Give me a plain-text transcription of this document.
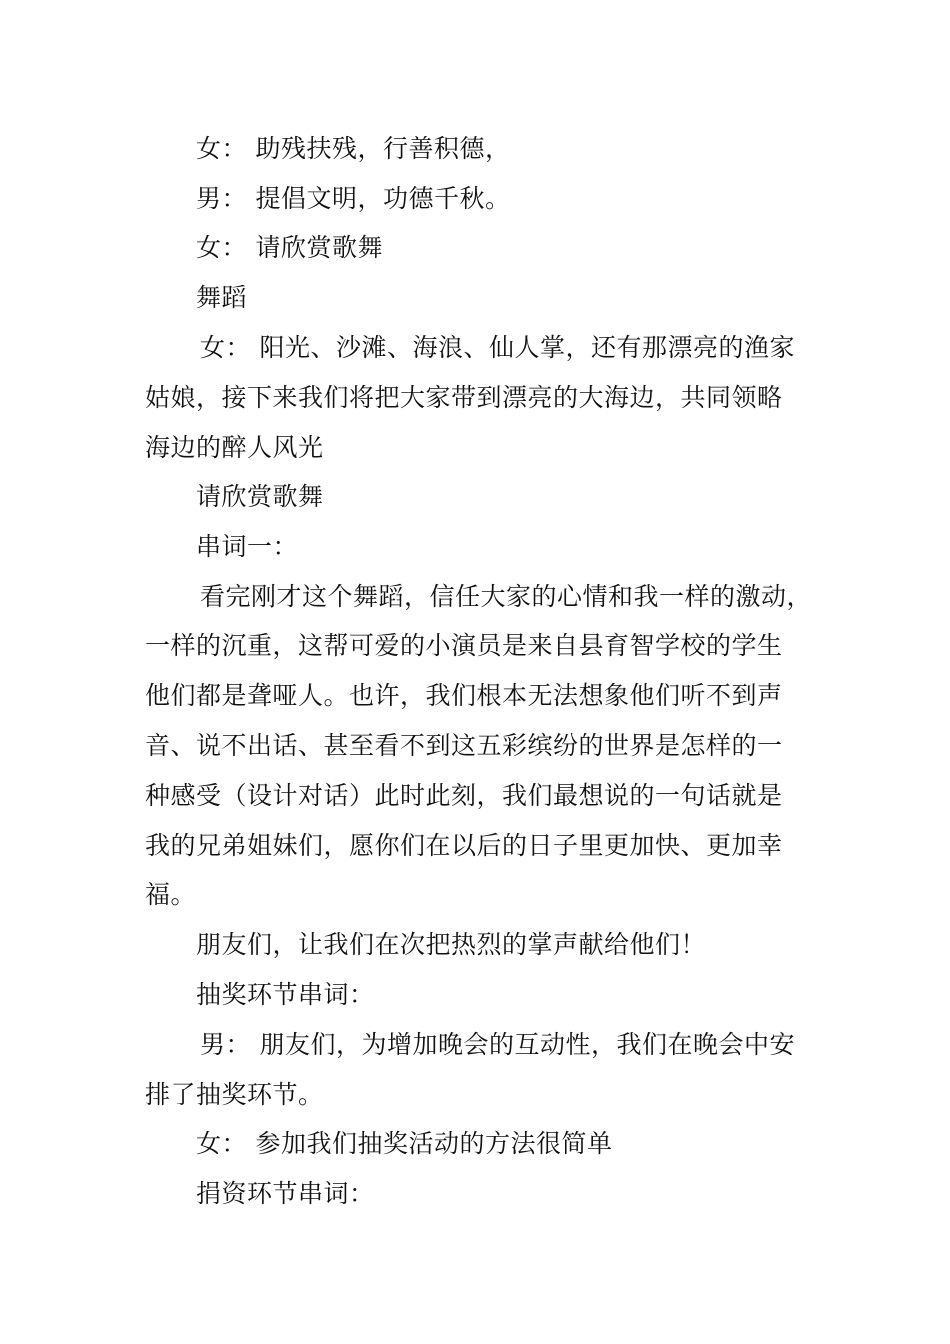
女： 助残扶残，行善积德，
男： 提倡文明，功德千秋。
女： 请欣赏歌舞
舞蹈
女： 阳光、沙滩、海浪、仙人掌，还有那漂亮的渔家
姑娘，接下来我们将把大家带到漂亮的大海边，共同领略
海边的醉人风光
请欣赏歌舞
串词一：
看完刚才这个舞蹈，信任大家的心情和我一样的激动，
一样的沉重，这帮可爱的小演员是来自县育智学校的学生
他们都是聋哑人。也许，我们根本无法想象他们听不到声
音、说不出话、甚至看不到这五彩缤纷的世界是怎样的一
种感受（设计对话）此时此刻，我们最想说的一句话就是
我的兄弟姐妹们，愿你们在以后的日子里更加快、更加幸
福。
朋友们，让我们在次把热烈的掌声献给他们！
抽奖环节串词：
男： 朋友们，为增加晚会的互动性，我们在晚会中安
排了抽奖环节。
女： 参加我们抽奖活动的方法很简单
捐资环节串词：
